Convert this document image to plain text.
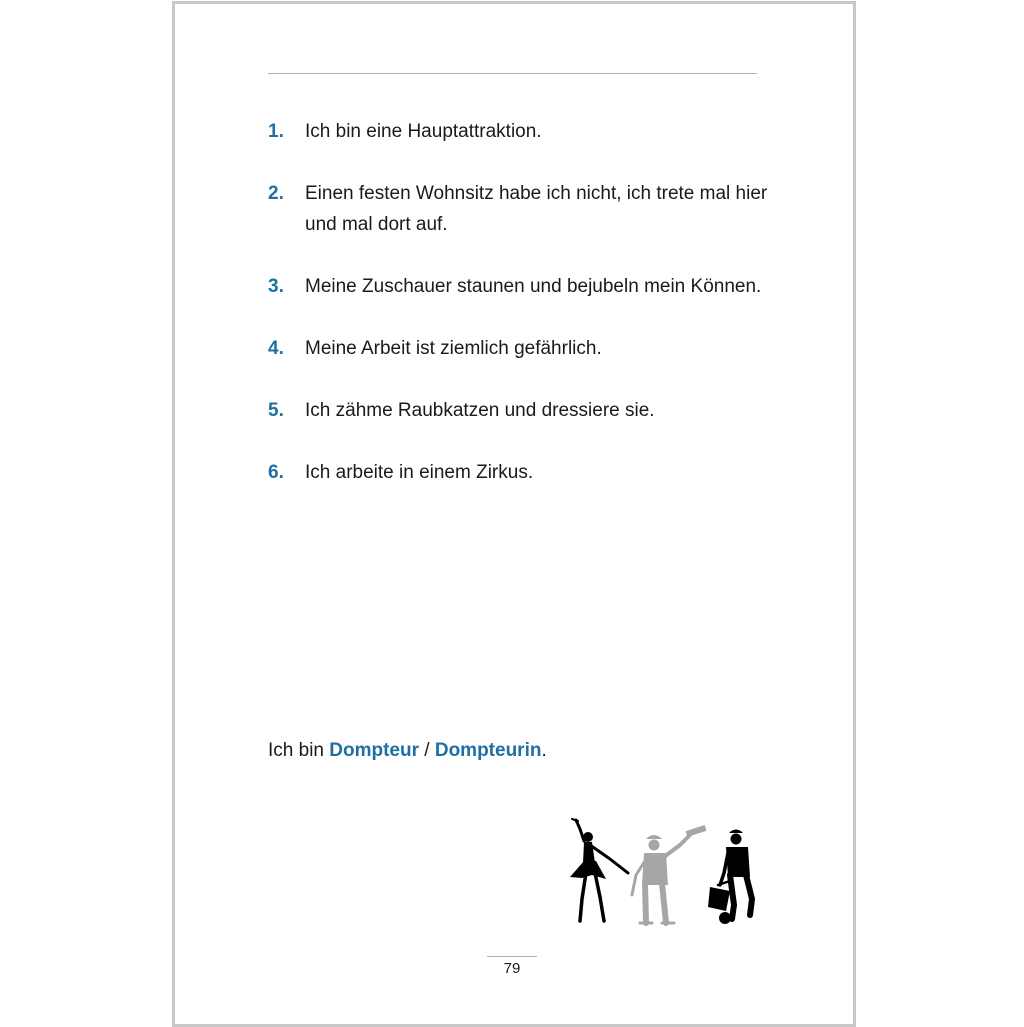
1. Ich bin eine Hauptattraktion.
2. Einen festen Wohnsitz habe ich nicht, ich trete mal hier und mal dort auf.
3. Meine Zuschauer staunen und bejubeln mein Können.
4. Meine Arbeit ist ziemlich gefährlich.
5. Ich zähme Raubkatzen und dressiere sie.
6. Ich arbeite in einem Zirkus.
Ich bin Dompteur / Dompteurin.
79
